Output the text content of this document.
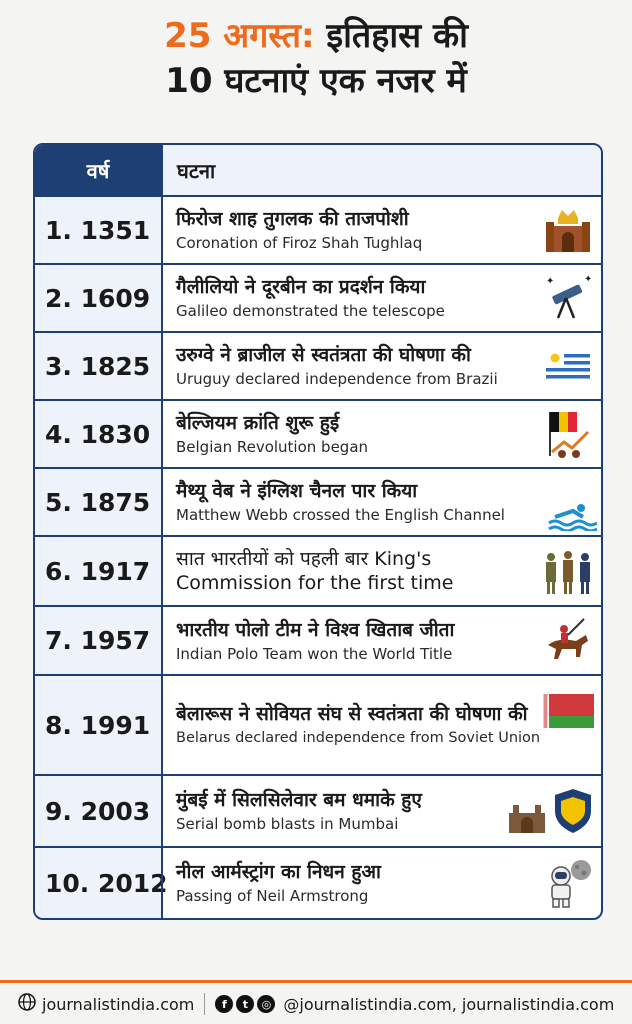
25 अगस्त: इतिहास की
10 घटनाएं एक नजर में
वर्ष	घटना
1. 1351	फिरोज शाह तुगलक की ताजपोशी
Coronation of Firoz Shah Tughlaq
2. 1609	गैलीलियो ने दूरबीन का प्रदर्शन किया
Galileo demonstrated the telescope
✦	✦
3. 1825	उरुग्वे ने ब्राजील से स्वतंत्रता की घोषणा की
Uruguy declared independence from Brazii
4. 1830	बेल्जियम क्रांति शुरू हुई
Belgian Revolution began
5. 1875	मैथ्यू वेब ने इंग्लिश चैनल पार किया
Matthew Webb crossed the English Channel
6. 1917	सात भारतीयों को पहली बार King's
Commission for the first time
7. 1957	भारतीय पोलो टीम ने विश्व खिताब जीता
Indian Polo Team won the World Title
8. 1991	बेलारूस ने सोवियत संघ से स्वतंत्रता की घोषणा की
Belarus declared independence from Soviet Union
9. 2003	मुंबई में सिलसिलेवार बम धमाके हुए
Serial bomb blasts in Mumbai
10. 2012 नील आर्मस्ट्रांग का निधन हुआ
Passing of Neil Armstrong
journalistindia.com	f	t	◎ @journalistindia.com, journalistindia.com
